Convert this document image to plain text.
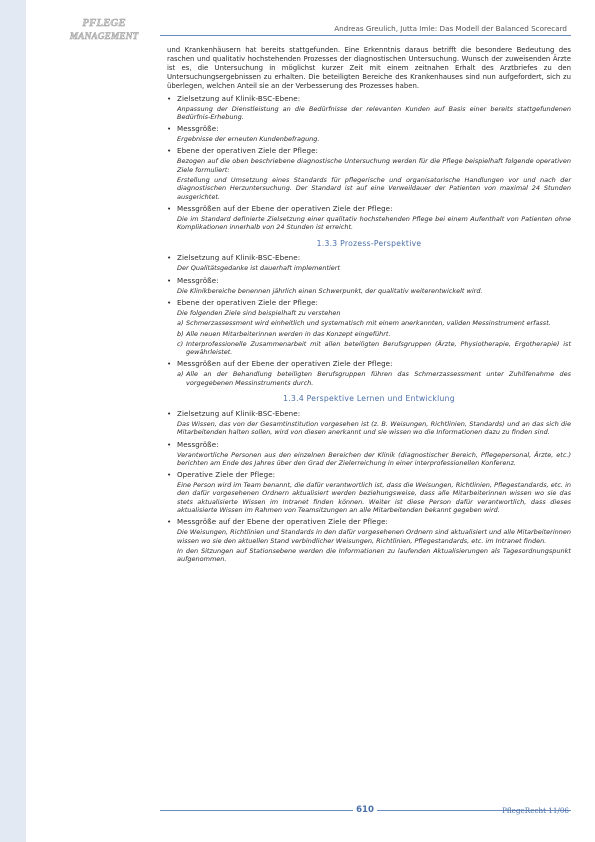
PFLEGE
MANAGEMENT
Andreas Greulich, Jutta Imle: Das Modell der Balanced Scorecard

und Krankenhäusern hat bereits stattgefunden. Eine Erkenntnis daraus betrifft die besondere Bedeutung des raschen und qualitativ hochstehenden Prozesses der diagnostischen Untersuchung. Wunsch der zuweisenden Ärzte ist es, die Untersuchung in möglichst kurzer Zeit mit einem zeitnahen Erhalt des Arztbriefes zu den Untersuchungsergebnissen zu erhalten. Die beteiligten Bereiche des Krankenhauses sind nun aufgefordert, sich zu überlegen, welchen Anteil sie an der Verbesserung des Prozesses haben.

• Zielsetzung auf Klinik-BSC-Ebene:
Anpassung der Dienstleistung an die Bedürfnisse der relevanten Kunden auf Basis einer bereits stattgefundenen Bedürfnis-Erhebung.
• Messgröße:
Ergebnisse der erneuten Kundenbefragung.
• Ebene der operativen Ziele der Pflege:
Bezogen auf die oben beschriebene diagnostische Untersuchung werden für die Pflege beispielhaft folgende operativen Ziele formuliert:
Erstellung und Umsetzung eines Standards für pflegerische und organisatorische Handlungen vor und nach der diagnostischen Herzuntersuchung. Der Standard ist auf eine Verweildauer der Patienten von maximal 24 Stunden ausgerichtet.
• Messgrößen auf der Ebene der operativen Ziele der Pflege:
Die im Standard definierte Zielsetzung einer qualitativ hochstehenden Pflege bei einem Aufenthalt von Patienten ohne Komplikationen innerhalb von 24 Stunden ist erreicht.
1.3.3 Prozess-Perspektive
• Zielsetzung auf Klinik-BSC-Ebene:
Der Qualitätsgedanke ist dauerhaft implementiert
• Messgröße:
Die Klinikbereiche benennen jährlich einen Schwerpunkt, der qualitativ weiterentwickelt wird.
• Ebene der operativen Ziele der Pflege:
Die folgenden Ziele sind beispielhaft zu verstehen
a) Schmerzassessment wird einheitlich und systematisch mit einem anerkannten, validen Messinstrument erfasst.
b) Alle neuen Mitarbeiterinnen werden in das Konzept eingeführt.
c) Interprofessionelle Zusammenarbeit mit allen beteiligten Berufsgruppen (Ärzte, Physiotherapie, Ergotherapie) ist gewährleistet.
• Messgrößen auf der Ebene der operativen Ziele der Pflege:
a) Alle an der Behandlung beteiligten Berufsgruppen führen das Schmerzassessment unter Zuhilfenahme des vorgegebenen Messinstruments durch.
1.3.4 Perspektive Lernen und Entwicklung
• Zielsetzung auf Klinik-BSC-Ebene:
Das Wissen, das von der Gesamtinstitution vorgesehen ist (z. B. Weisungen, Richtlinien, Standards) und an das sich die Mitarbeitenden halten sollen, wird von diesen anerkannt und sie wissen wo die Informationen dazu zu finden sind.
• Messgröße:
Verantwortliche Personen aus den einzelnen Bereichen der Klinik (diagnostischer Bereich, Pflegepersonal, Ärzte, etc.) berichten am Ende des Jahres über den Grad der Zielerreichung in einer interprofessionellen Konferenz.
• Operative Ziele der Pflege:
Eine Person wird im Team benannt, die dafür verantwortlich ist, dass die Weisungen, Richtlinien, Pflegestandards, etc. in den dafür vorgesehenen Ordnern aktualisiert werden beziehungsweise, dass alle Mitarbeiterinnen wissen wo sie das stets aktualisierte Wissen im Intranet finden können. Weiter ist diese Person dafür verantwortlich, dass dieses aktualisierte Wissen im Rahmen von Teamsitzungen an alle Mitarbeitenden bekannt gegeben wird.
• Messgröße auf der Ebene der operativen Ziele der Pflege:
Die Weisungen, Richtlinien und Standards in den dafür vorgesehenen Ordnern sind aktualisiert und alle Mitarbeiterinnen wissen wo sie den aktuellen Stand verbindlicher Weisungen, Richtlinien, Pflegestandards, etc. im Intranet finden.
In den Sitzungen auf Stationsebene werden die Informationen zu laufenden Aktualisierungen als Tagesordnungspunkt aufgenommen.
610	PflegeRecht 11/06
